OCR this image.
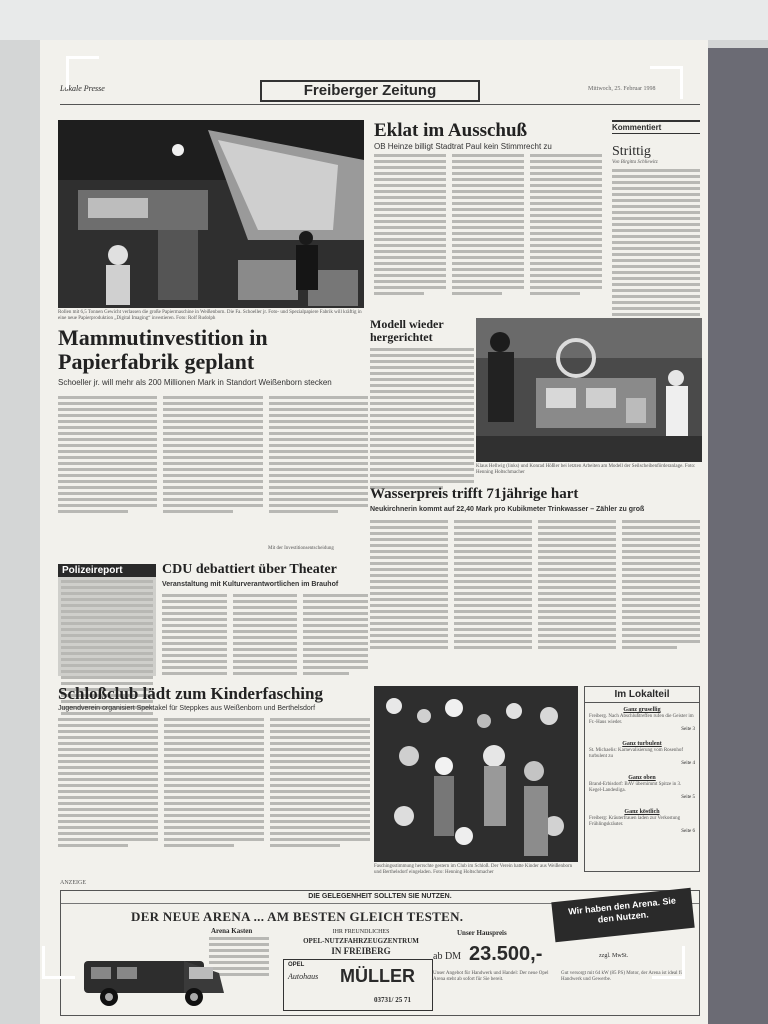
Lokale Presse	Freiberger Zeitung	Mittwoch, 25. Februar 1998
Rollen mit 6,5 Tonnen Gewicht verlassen die große Papiermaschine in Weißenborn. Die Fa. Schoeller jr. Foto- und Spezialpapiere Fabrik will kräftig in eine neue Papierproduktion „Digital Imaging“ investieren. Foto: Rolf Rudolph
Eklat im Ausschuß
OB Heinze billigt Stadtrat Paul kein Stimmrecht zu
Kommentiert
Strittig
Von Birgitta Schliewitz
Mammutinvestition in Papierfabrik geplant
Schoeller jr. will mehr als 200 Millionen Mark in Standort Weißenborn stecken
Mit der Investitionsentscheidung
Modell wieder hergerichtet
Klaus Hellwig (links) und Konrad Hößler bei letzten Arbeiten am Modell der Seilscheibenförderanlage. Foto: Henning Holtschmacher
Wasserpreis trifft 71jährige hart
Neukirchnerin kommt auf 22,40 Mark pro Kubikmeter Trinkwasser – Zähler zu groß
Polizeireport	CDU debattiert über Theater
Veranstaltung mit Kulturverantwortlichen im Brauhof
Schloßclub lädt zum Kinderfasching
Jugendverein organisiert Spektakel für Steppkes aus Weißenborn und Berthelsdorf
Faschingsstimmung herrschte gestern im Club im Schloß. Der Verein hatte Kinder aus Weißenborn und Berthelsdorf eingeladen. Foto: Henning Holtschmacher
Im Lokalteil
Ganz grusellig
Freiberg. Nach Abschlußtreffen rufen die Geister im Fr.-Haus wieder.
Seite 3
Ganz turbulent
St. Michaelis: Karnevalisierung vom Rosenhof turbulent zu
Seite 4
Ganz oben
Brand-Erbisdorf: BAV übernimmt Spitze in 3. Kegel-Landesliga.
Seite 5
Ganz köstlich
Freiberg: Kräuterfrauen laden zur Verkostung Frühlingskräuter.
Seite 6
ANZEIGE
DIE GELEGENHEIT SOLLTEN SIE NUTZEN.
DER NEUE ARENA ... AM BESTEN GLEICH TESTEN.	Wir haben den Arena. Sie den Nutzen.
Arena Kasten	IHR FREUNDLICHES
OPEL-NUTZFAHRZEUGZENTRUM
IN FREIBERG
OPEL
Autohaus MÜLLER
03731/ 25 71
Unser Hauspreis
ab DM 23.500,-	zzgl. MwSt.
Unser Angebot für Handwerk und Handel: Der neue Opel Arena steht ab sofort für Sie bereit.
Gut versorgt mit 64 kW (85 PS) Motor, der Arena ist ideal für Handwerk und Gewerbe.
